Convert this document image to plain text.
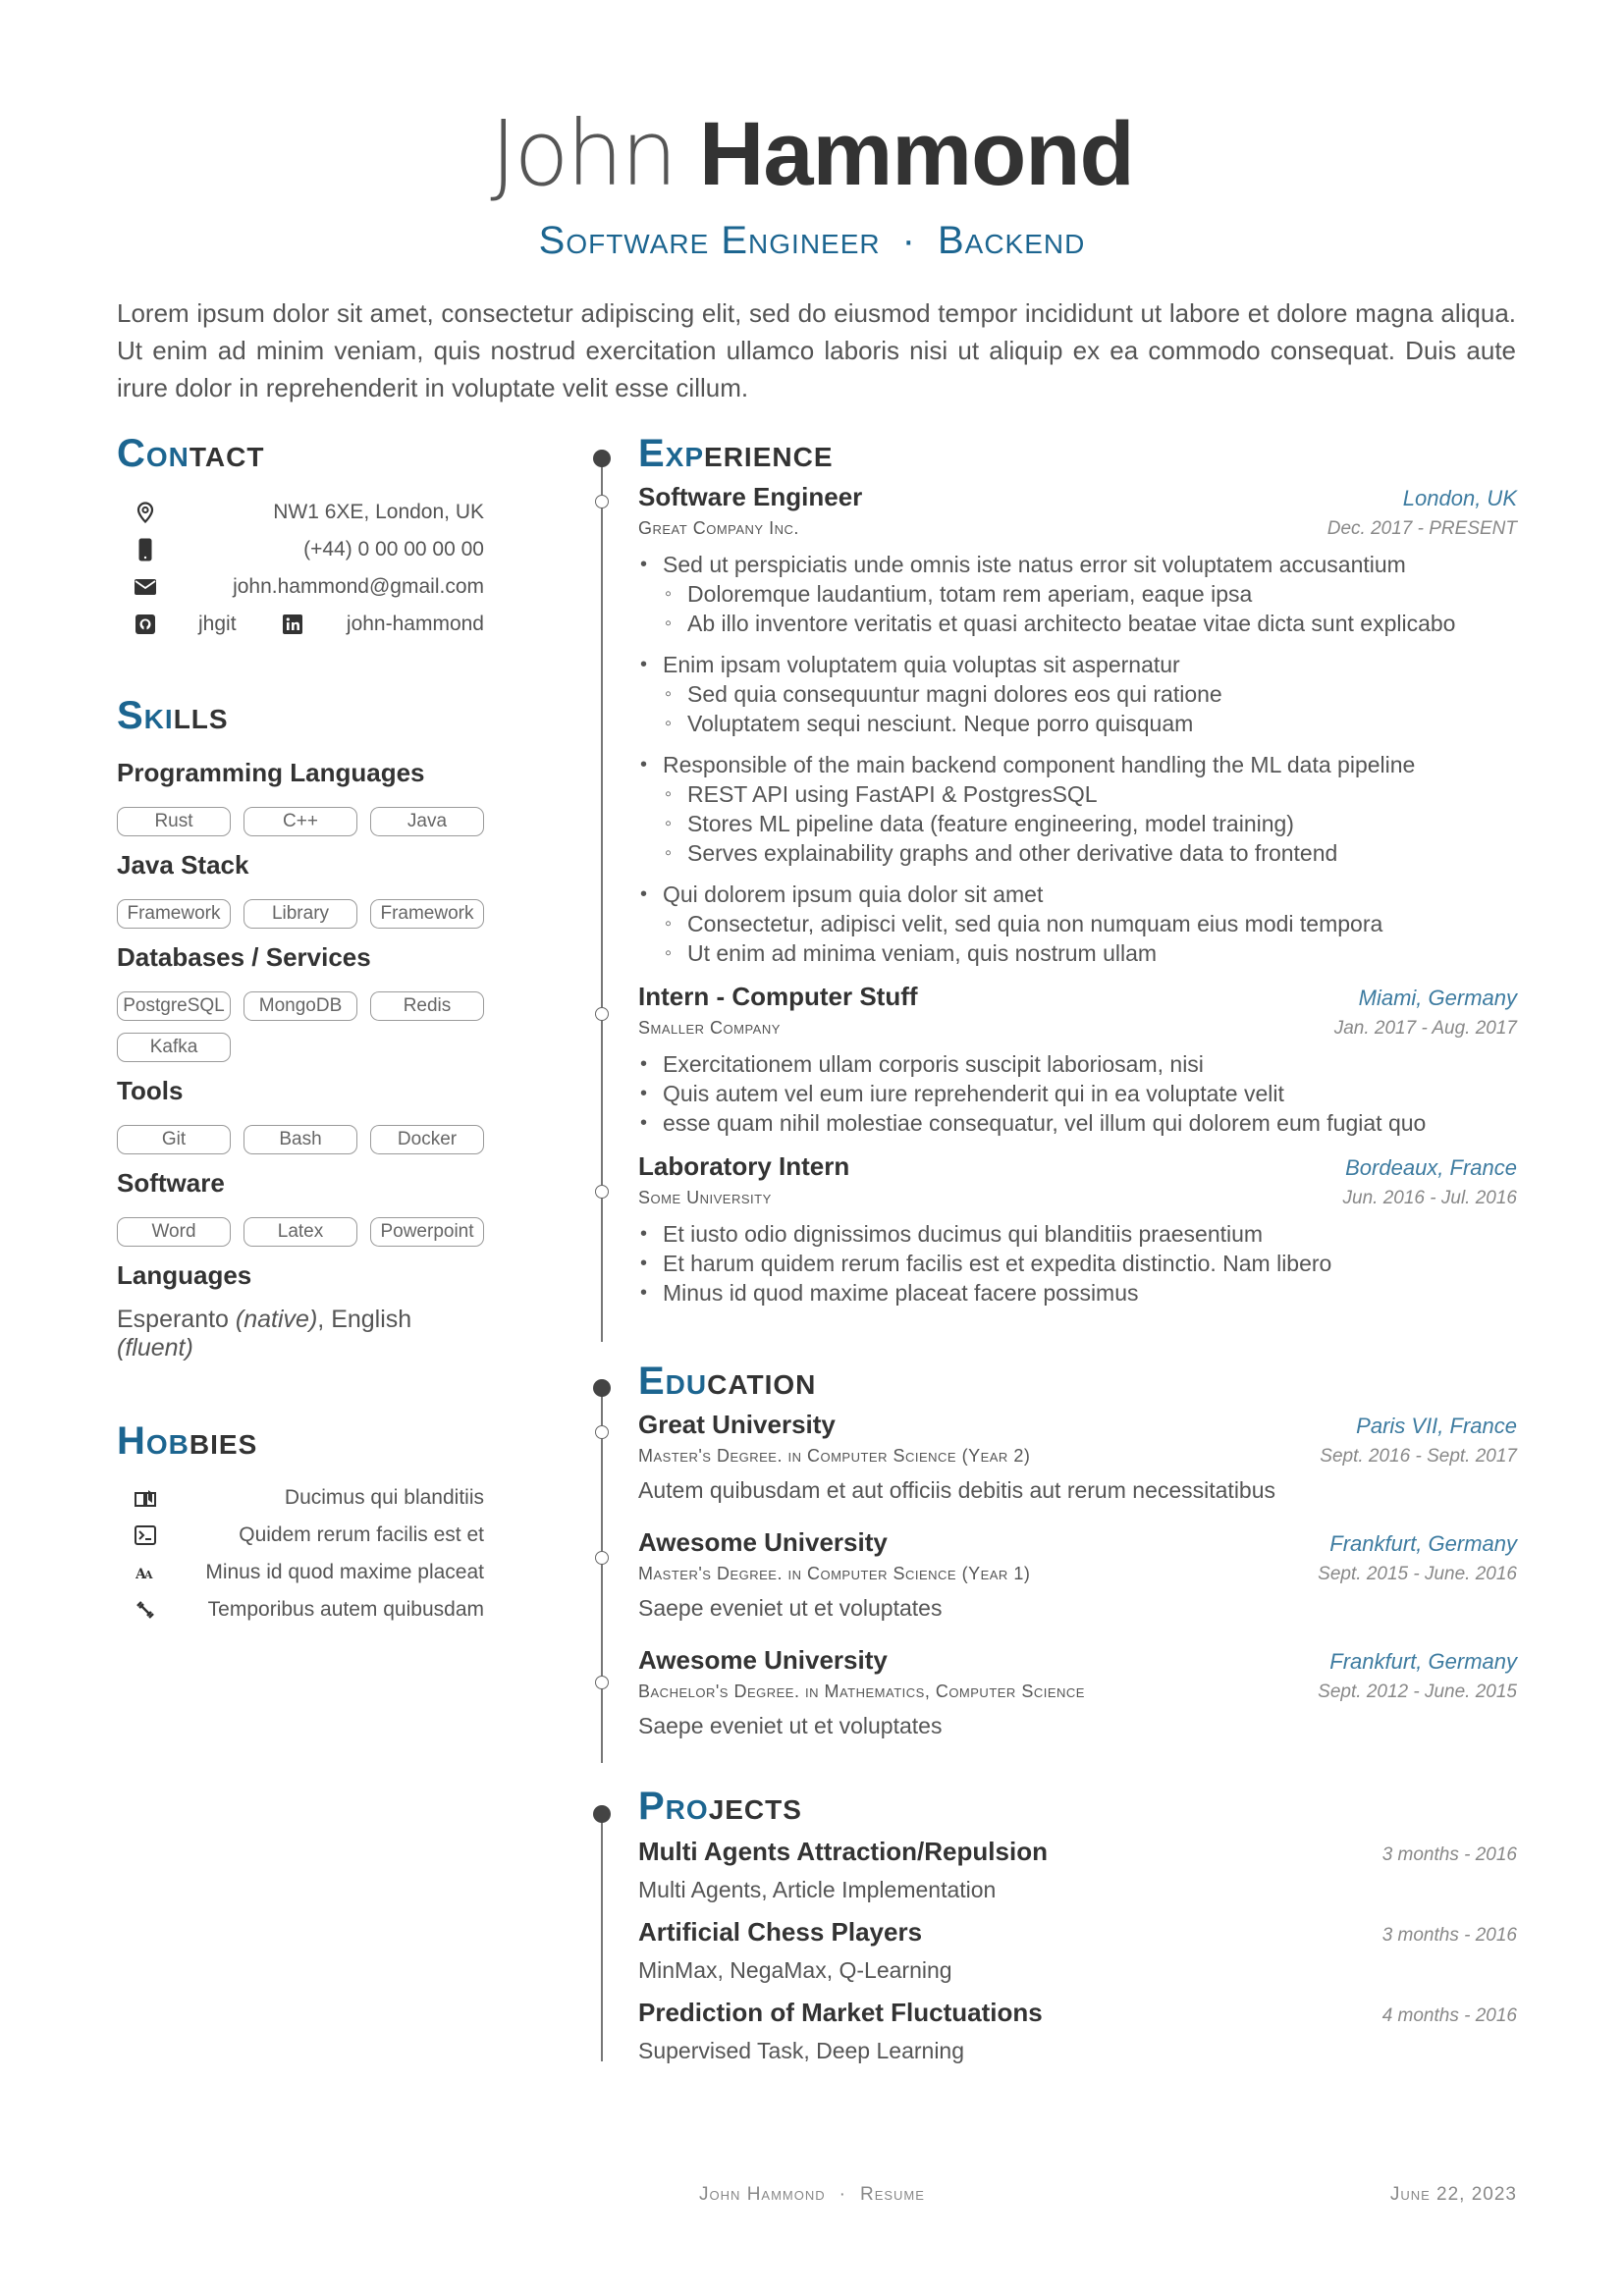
John Hammond
Software Engineer · Backend
Lorem ipsum dolor sit amet, consectetur adipiscing elit, sed do eiusmod tempor incididunt ut labore et dolore magna aliqua. Ut enim ad minim veniam, quis nostrud exercitation ullamco laboris nisi ut aliquip ex ea commodo consequat. Duis aute irure dolor in reprehenderit in voluptate velit esse cillum.
Contact
NW1 6XE, London, UK
(+44) 0 00 00 00 00
john.hammond@gmail.com
jhgit	john-hammond
Skills
Programming Languages
Rust	C++	Java
Java Stack
Framework	Library	Framework
Databases / Services
PostgreSQL	MongoDB	Redis
Kafka
Tools
Git	Bash	Docker
Software
Word	Latex	Powerpoint
Languages
Esperanto (native), English (fluent)
Hobbies
Ducimus qui blanditiis
Quidem rerum facilis est et
A
A	Minus id quod maxime placeat
Temporibus autem quibusdam
Experience
Software Engineer	London, UK
Great Company Inc.	Dec. 2017 - PRESENT
• Sed ut perspiciatis unde omnis iste natus error sit voluptatem accusantium
◦ Doloremque laudantium, totam rem aperiam, eaque ipsa
◦ Ab illo inventore veritatis et quasi architecto beatae vitae dicta sunt explicabo
• Enim ipsam voluptatem quia voluptas sit aspernatur
◦ Sed quia consequuntur magni dolores eos qui ratione
◦ Voluptatem sequi nesciunt. Neque porro quisquam
• Responsible of the main backend component handling the ML data pipeline
◦ REST API using FastAPI & PostgresSQL
◦ Stores ML pipeline data (feature engineering, model training)
◦ Serves explainability graphs and other derivative data to frontend
• Qui dolorem ipsum quia dolor sit amet
◦ Consectetur, adipisci velit, sed quia non numquam eius modi tempora
◦ Ut enim ad minima veniam, quis nostrum ullam
Intern - Computer Stuff	Miami, Germany
Smaller Company	Jan. 2017 - Aug. 2017
• Exercitationem ullam corporis suscipit laboriosam, nisi
• Quis autem vel eum iure reprehenderit qui in ea voluptate velit
• esse quam nihil molestiae consequatur, vel illum qui dolorem eum fugiat quo
Laboratory Intern	Bordeaux, France
Some University	Jun. 2016 - Jul. 2016
• Et iusto odio dignissimos ducimus qui blanditiis praesentium
• Et harum quidem rerum facilis est et expedita distinctio. Nam libero
• Minus id quod maxime placeat facere possimus
Education
Great University	Paris VII, France
Master's Degree. in Computer Science (Year 2)	Sept. 2016 - Sept. 2017
Autem quibusdam et aut officiis debitis aut rerum necessitatibus
Awesome University	Frankfurt, Germany
Master's Degree. in Computer Science (Year 1)	Sept. 2015 - June. 2016
Saepe eveniet ut et voluptates
Awesome University	Frankfurt, Germany
Bachelor's Degree. in Mathematics, Computer Science	Sept. 2012 - June. 2015
Saepe eveniet ut et voluptates
Projects
Multi Agents Attraction/Repulsion	3 months - 2016
Multi Agents, Article Implementation
Artificial Chess Players	3 months - 2016
MinMax, NegaMax, Q-Learning
Prediction of Market Fluctuations	4 months - 2016
Supervised Task, Deep Learning
John Hammond · Resume	June 22, 2023
